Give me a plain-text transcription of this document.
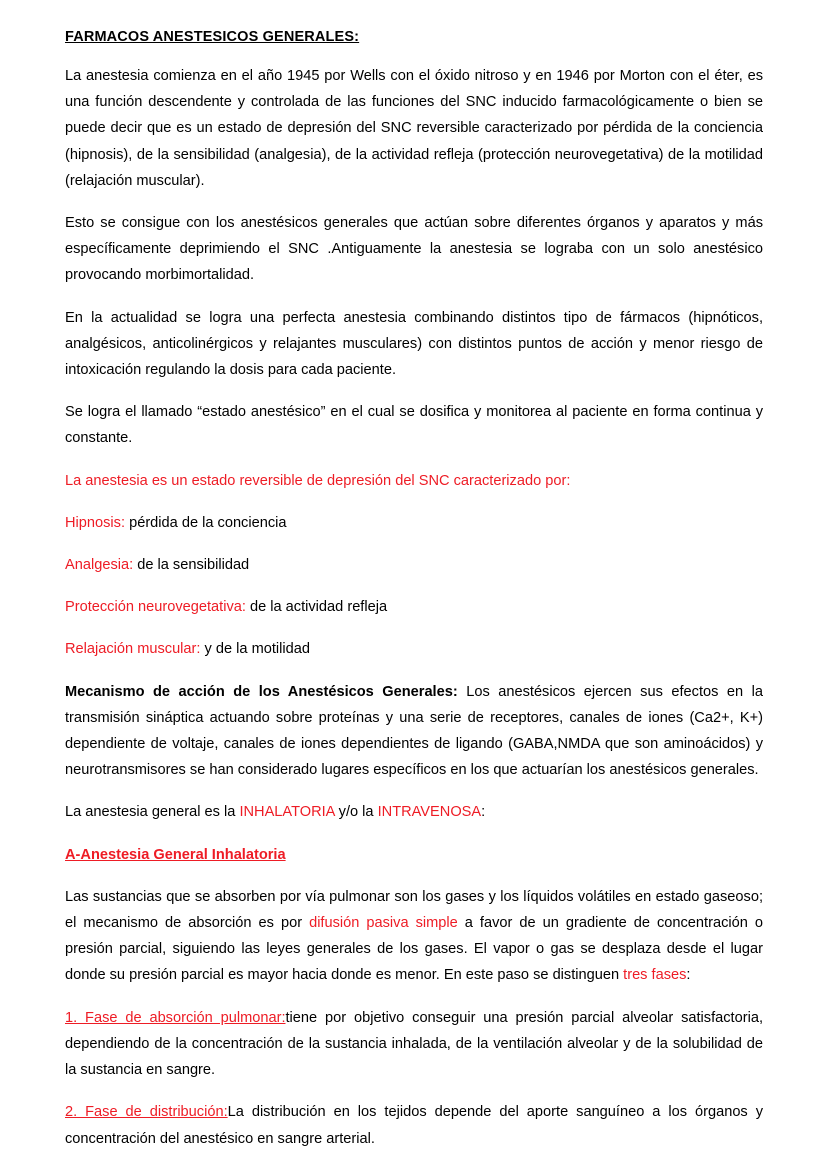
FARMACOS ANESTESICOS GENERALES:

La anestesia comienza en el año 1945 por Wells con el óxido nitroso y en 1946 por Morton con el éter, es una función descendente y controlada de las funciones del SNC inducido farmacológicamente o bien se puede decir que es un estado de depresión del SNC reversible caracterizado por pérdida de la conciencia (hipnosis), de la sensibilidad (analgesia), de la actividad refleja (protección neurovegetativa) de la motilidad (relajación muscular).

Esto se consigue con los anestésicos generales que actúan sobre diferentes órganos y aparatos y más específicamente deprimiendo el SNC .Antiguamente la anestesia se lograba con un solo anestésico provocando morbimortalidad.

En la actualidad se logra una perfecta anestesia combinando distintos tipo de fármacos (hipnóticos, analgésicos, anticolinérgicos y relajantes musculares) con distintos puntos de acción y menor riesgo de intoxicación regulando la dosis para cada paciente.

Se logra el llamado “estado anestésico” en el cual se dosifica y monitorea al paciente en forma continua y constante.

La anestesia es un estado reversible de depresión del SNC caracterizado por:

Hipnosis: pérdida de la conciencia

Analgesia: de la sensibilidad

Protección neurovegetativa: de la actividad refleja

Relajación muscular: y de la motilidad

Mecanismo de acción de los Anestésicos Generales: Los anestésicos ejercen sus efectos en la transmisión sináptica actuando sobre proteínas y una serie de receptores, canales de iones (Ca2+, K+) dependiente de voltaje, canales de iones dependientes de ligando (GABA,NMDA que son aminoácidos) y neurotransmisores se han considerado lugares específicos en los que actuarían los anestésicos generales.

La anestesia general es la INHALATORIA y/o la INTRAVENOSA:

A-Anestesia General Inhalatoria

Las sustancias que se absorben por vía pulmonar son los gases y los líquidos volátiles en estado gaseoso; el mecanismo de absorción es por difusión pasiva simple a favor de un gradiente de concentración o presión parcial, siguiendo las leyes generales de los gases. El vapor o gas se desplaza desde el lugar donde su presión parcial es mayor hacia donde es menor. En este paso se distinguen tres fases:

1. Fase de absorción pulmonar:tiene por objetivo conseguir una presión parcial alveolar satisfactoria, dependiendo de la concentración de la sustancia inhalada, de la ventilación alveolar y de la solubilidad de la sustancia en sangre.

2. Fase de distribución:La distribución en los tejidos depende del aporte sanguíneo a los órganos y concentración del anestésico en sangre arterial.
